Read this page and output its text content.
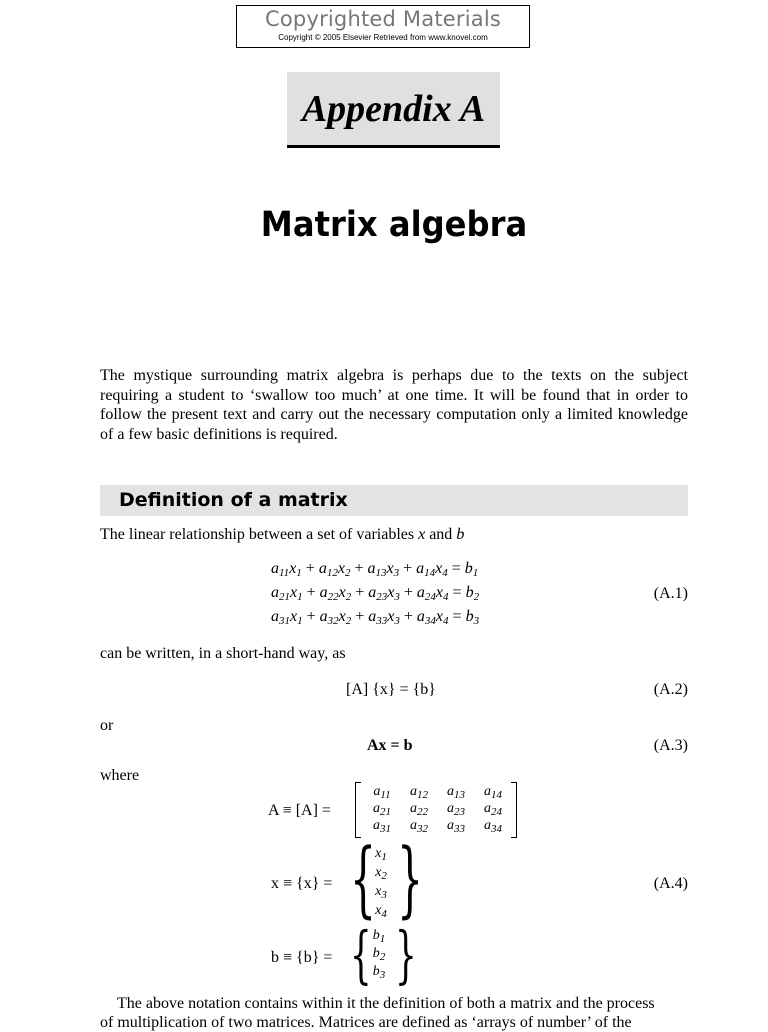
Copyrighted Materials
Copyright © 2005 Elsevier Retrieved from www.knovel.com
Appendix A
Matrix algebra
The mystique surrounding matrix algebra is perhaps due to the texts on the subject requiring a student to ‘swallow too much’ at one time. It will be found that in order to follow the present text and carry out the necessary computation only a limited knowledge of a few basic definitions is required.
Definition of a matrix
The linear relationship between a set of variables x and b
$a_{11}x_1 + a_{12}x_2 + a_{13}x_3 + a_{14}x_4 = b_1$
$a_{21}x_1 + a_{22}x_2 + a_{23}x_3 + a_{24}x_4 = b_2$
$a_{31}x_1 + a_{32}x_2 + a_{33}x_3 + a_{34}x_4 = b_3$
(A.1)
can be written, in a short-hand way, as
[A] {x} = {b}	(A.2)
or
Ax = b	(A.3)
where
A ≡ [A] =
$a_{11}$	$a_{12}$	$a_{13}$	$a_{14}$
$a_{21}$	$a_{22}$	$a_{23}$	$a_{24}$
$a_{31}$	$a_{32}$	$a_{33}$	$a_{34}$
x ≡ {x} = { }
$x_1$
$x_2$
$x_3$
$x_4$
(A.4)
b ≡ {b} = { }
$b_1$
$b_2$
$b_3$
The above notation contains within it the definition of both a matrix and the process
of multiplication of two matrices. Matrices are defined as ‘arrays of number’ of the
